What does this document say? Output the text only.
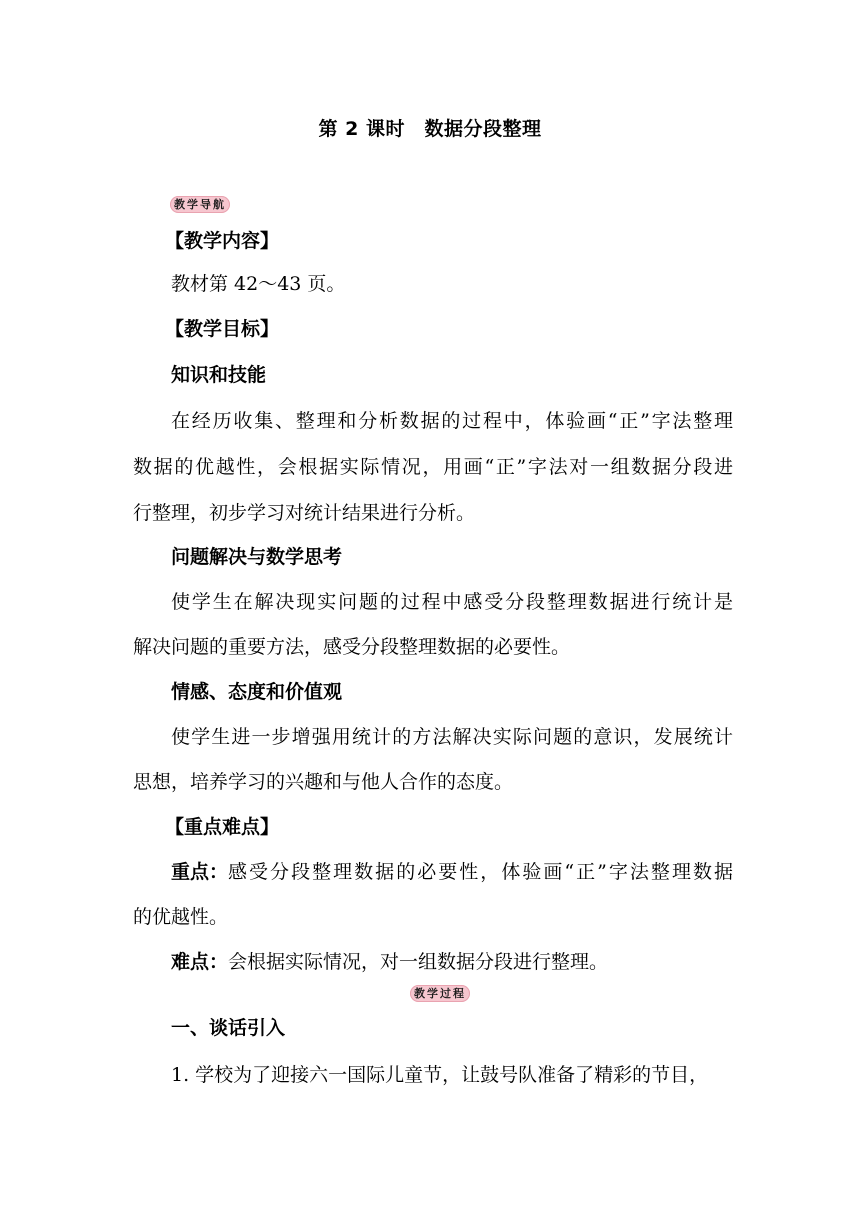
第 2 课时　数据分段整理
教学导航
【教学内容】
教材第 42～43 页。
【教学目标】
知识和技能
在经历收集、整理和分析数据的过程中，体验画“正”字法整理
数据的优越性，会根据实际情况，用画“正”字法对一组数据分段进
行整理，初步学习对统计结果进行分析。
问题解决与数学思考
使学生在解决现实问题的过程中感受分段整理数据进行统计是
解决问题的重要方法，感受分段整理数据的必要性。
情感、态度和价值观
使学生进一步增强用统计的方法解决实际问题的意识，发展统计
思想，培养学习的兴趣和与他人合作的态度。
【重点难点】
重点： 感受分段整理数据的必要性，体验画“正”字法整理数据
的优越性。
难点：会根据实际情况，对一组数据分段进行整理。
教学过程
一、谈话引入
1. 学校为了迎接六一国际儿童节，让鼓号队准备了精彩的节目，
